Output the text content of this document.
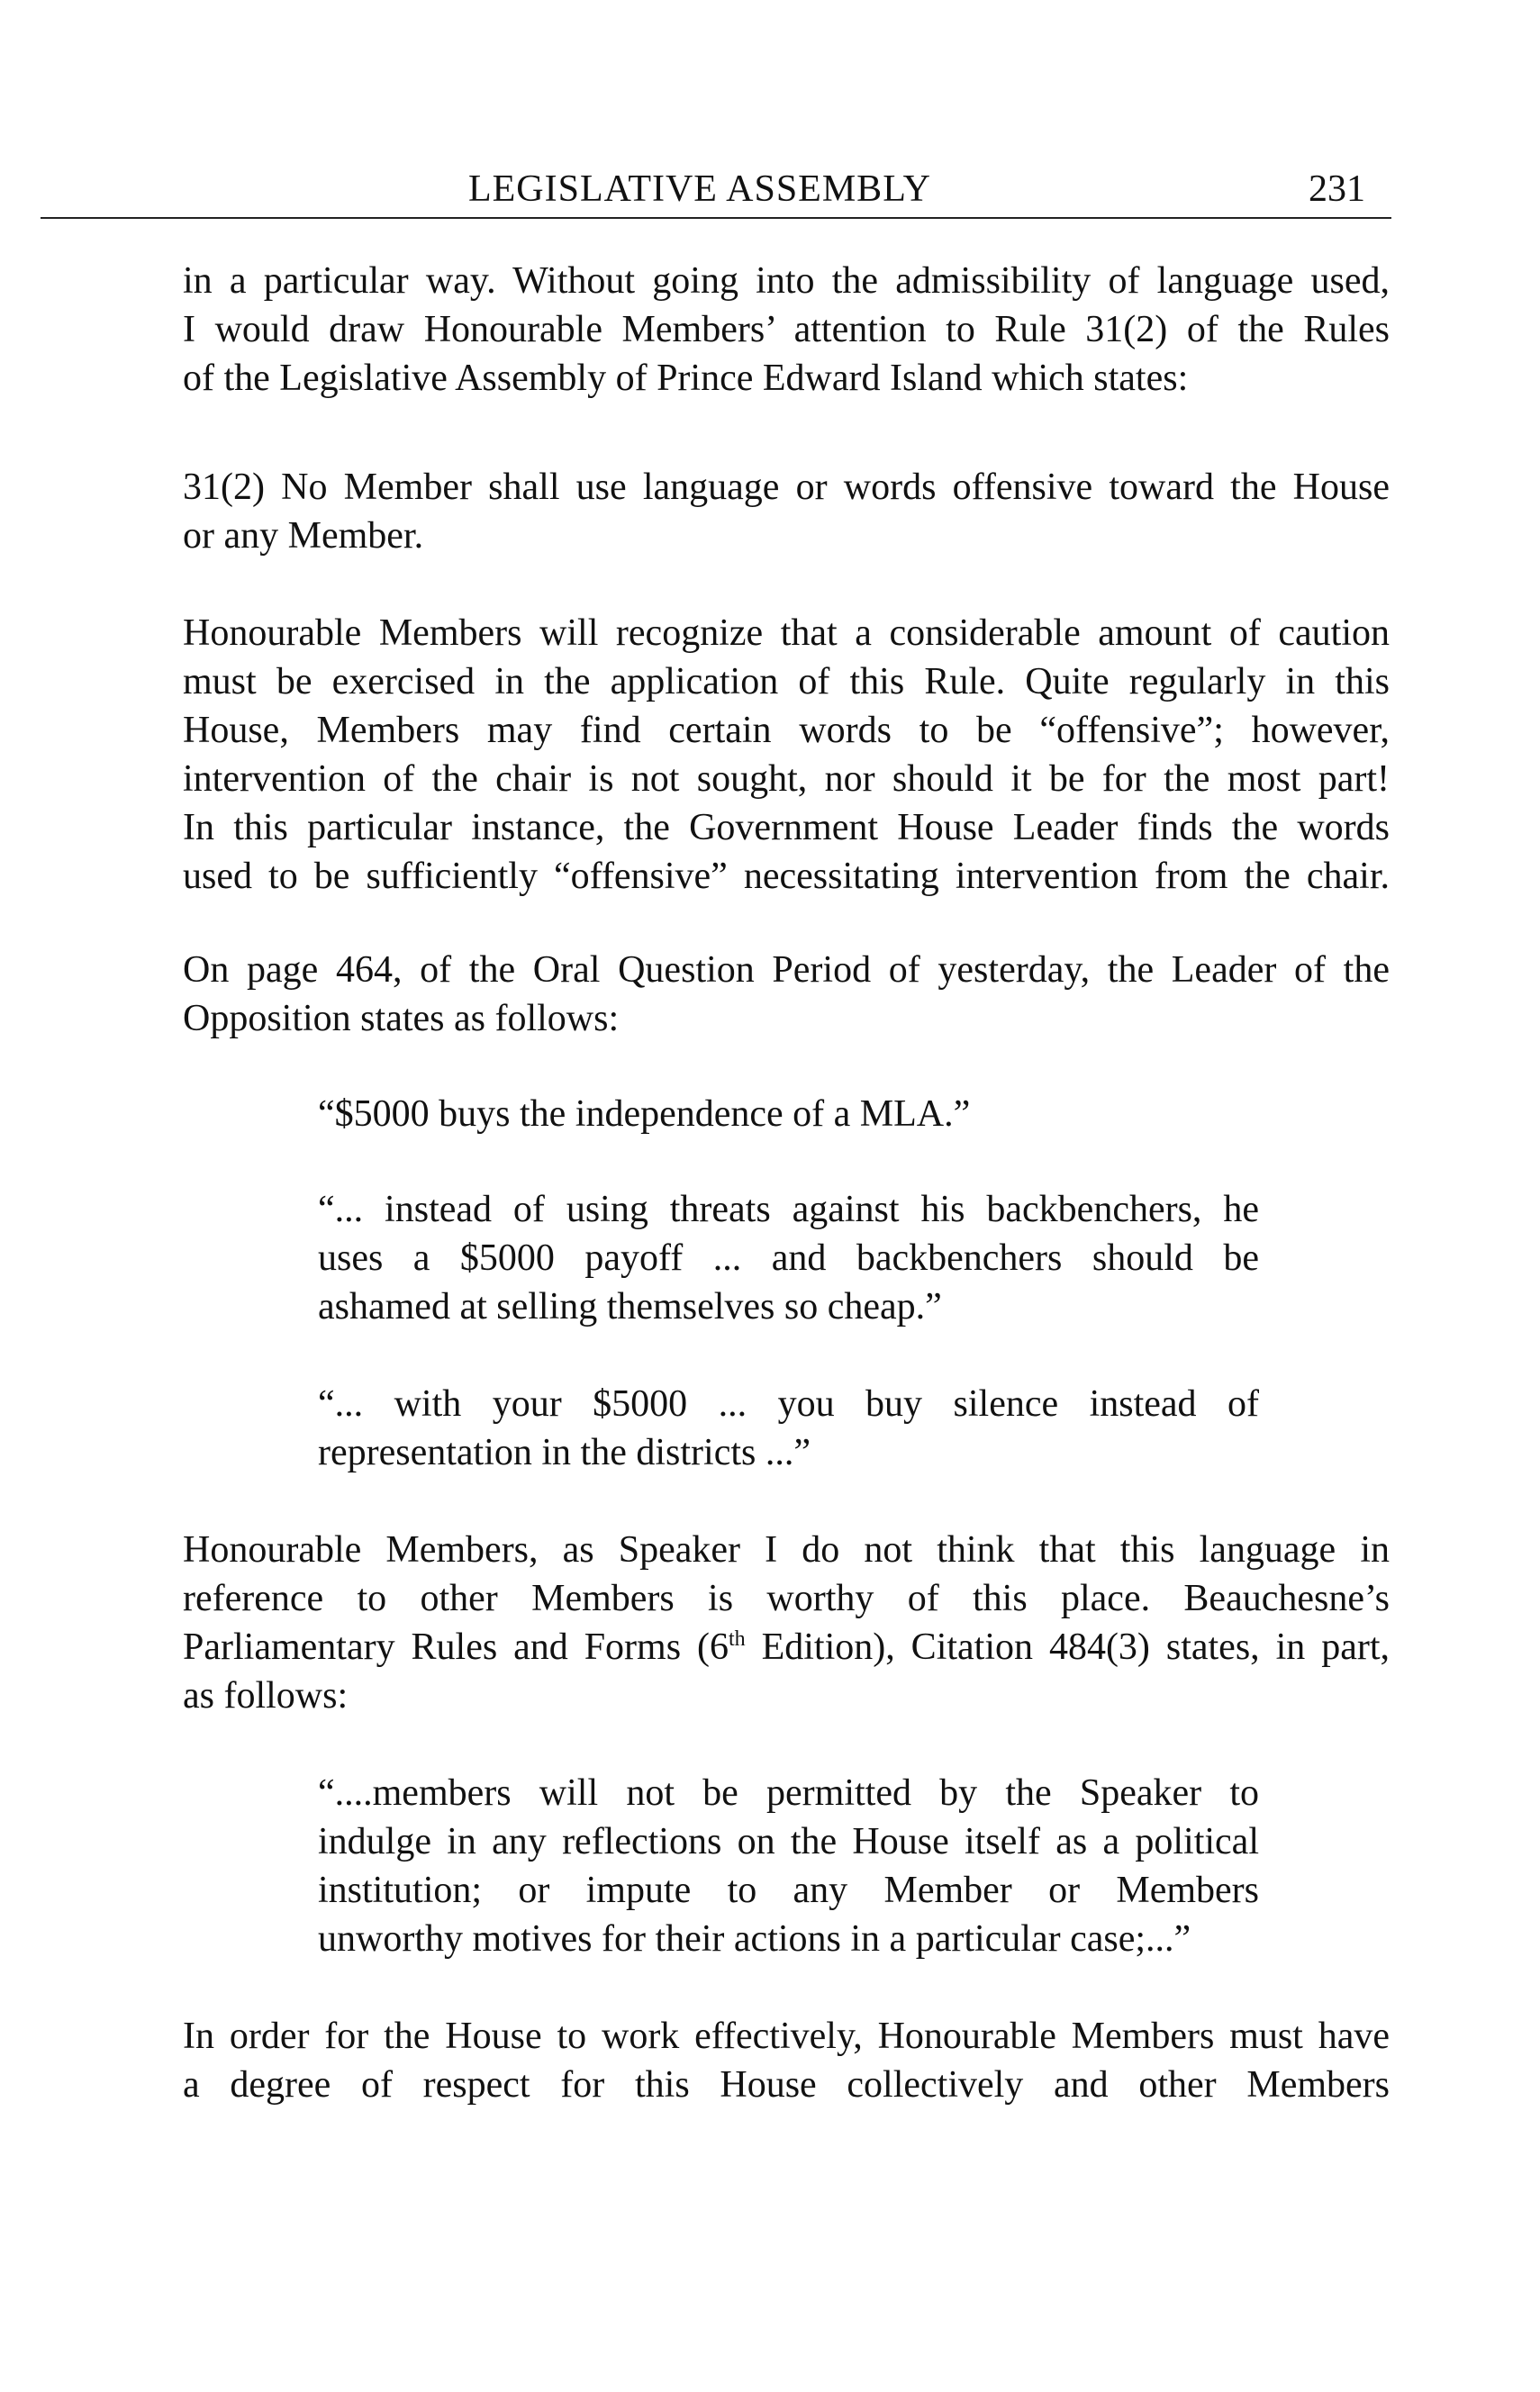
LEGISLATIVE ASSEMBLY	231
in a particular way. Without going into the admissibility of language used,
I would draw Honourable Members’ attention to Rule 31(2) of the Rules
of the Legislative Assembly of Prince Edward Island which states:
31(2) No Member shall use language or words offensive toward the House
or any Member.
Honourable Members will recognize that a considerable amount of caution
must be exercised in the application of this Rule. Quite regularly in this
House, Members may find certain words to be “offensive”; however,
intervention of the chair is not sought, nor should it be for the most part!
In this particular instance, the Government House Leader finds the words
used to be sufficiently “offensive” necessitating intervention from the chair.
On page 464, of the Oral Question Period of yesterday, the Leader of the
Opposition states as follows:
“$5000 buys the independence of a MLA.”
“... instead of using threats against his backbenchers, he
uses a $5000 payoff ... and backbenchers should be
ashamed at selling themselves so cheap.”
“... with your $5000 ... you buy silence instead of
representation in the districts ...”
Honourable Members, as Speaker I do not think that this language in
reference to other Members is worthy of this place. Beauchesne’s
Parliamentary Rules and Forms (6th Edition), Citation 484(3) states, in part,
as follows:
“....members will not be permitted by the Speaker to
indulge in any reflections on the House itself as a political
institution; or impute to any Member or Members
unworthy motives for their actions in a particular case;...”
In order for the House to work effectively, Honourable Members must have
a degree of respect for this House collectively and other Members
